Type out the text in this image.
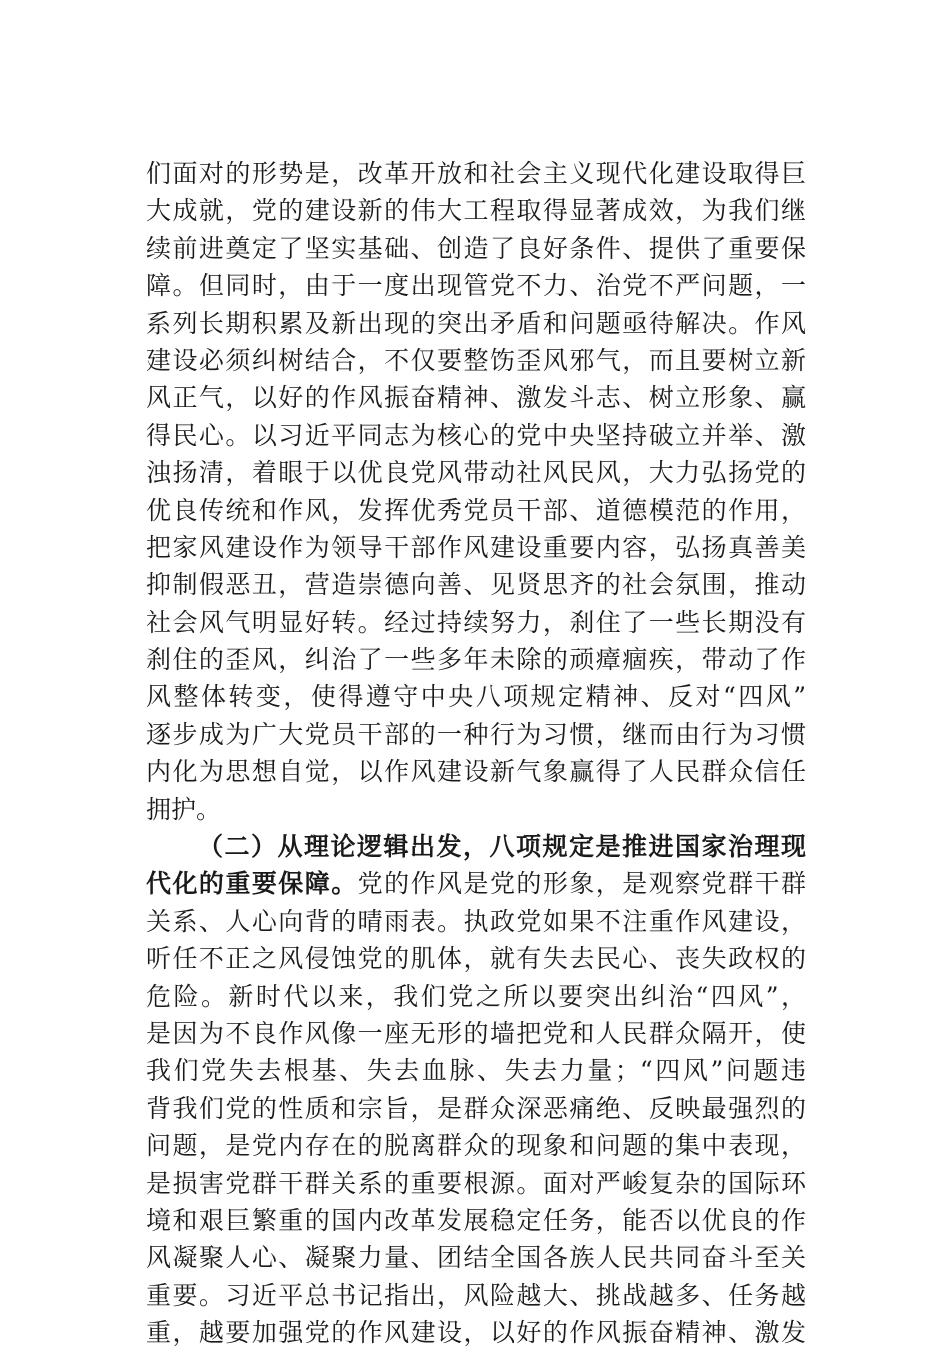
们面对的形势是，改革开放和社会主义现代化建设取得巨
大成就，党的建设新的伟大工程取得显著成效，为我们继
续前进奠定了坚实基础、创造了良好条件、提供了重要保
障。但同时，由于一度出现管党不力、治党不严问题，一
系列长期积累及新出现的突出矛盾和问题亟待解决。作风
建设必须纠树结合，不仅要整饬歪风邪气，而且要树立新
风正气，以好的作风振奋精神、激发斗志、树立形象、赢
得民心。以习近平同志为核心的党中央坚持破立并举、激
浊扬清，着眼于以优良党风带动社风民风，大力弘扬党的
优良传统和作风，发挥优秀党员干部、道德模范的作用，
把家风建设作为领导干部作风建设重要内容，弘扬真善美
抑制假恶丑，营造崇德向善、见贤思齐的社会氛围，推动
社会风气明显好转。经过持续努力，刹住了一些长期没有
刹住的歪风，纠治了一些多年未除的顽瘴痼疾，带动了作
风整体转变，使得遵守中央八项规定精神、反对“四风”
逐步成为广大党员干部的一种行为习惯，继而由行为习惯
内化为思想自觉，以作风建设新气象赢得了人民群众信任
拥护。
（二）从理论逻辑出发，八项规定是推进国家治理现
代化的重要保障。党的作风是党的形象，是观察党群干群
关系、人心向背的晴雨表。执政党如果不注重作风建设，
听任不正之风侵蚀党的肌体，就有失去民心、丧失政权的
危险。新时代以来，我们党之所以要突出纠治“四风”，
是因为不良作风像一座无形的墙把党和人民群众隔开，使
我们党失去根基、失去血脉、失去力量；“四风”问题违
背我们党的性质和宗旨，是群众深恶痛绝、反映最强烈的
问题，是党内存在的脱离群众的现象和问题的集中表现，
是损害党群干群关系的重要根源。面对严峻复杂的国际环
境和艰巨繁重的国内改革发展稳定任务，能否以优良的作
风凝聚人心、凝聚力量、团结全国各族人民共同奋斗至关
重要。习近平总书记指出，风险越大、挑战越多、任务越
重，越要加强党的作风建设，以好的作风振奋精神、激发
